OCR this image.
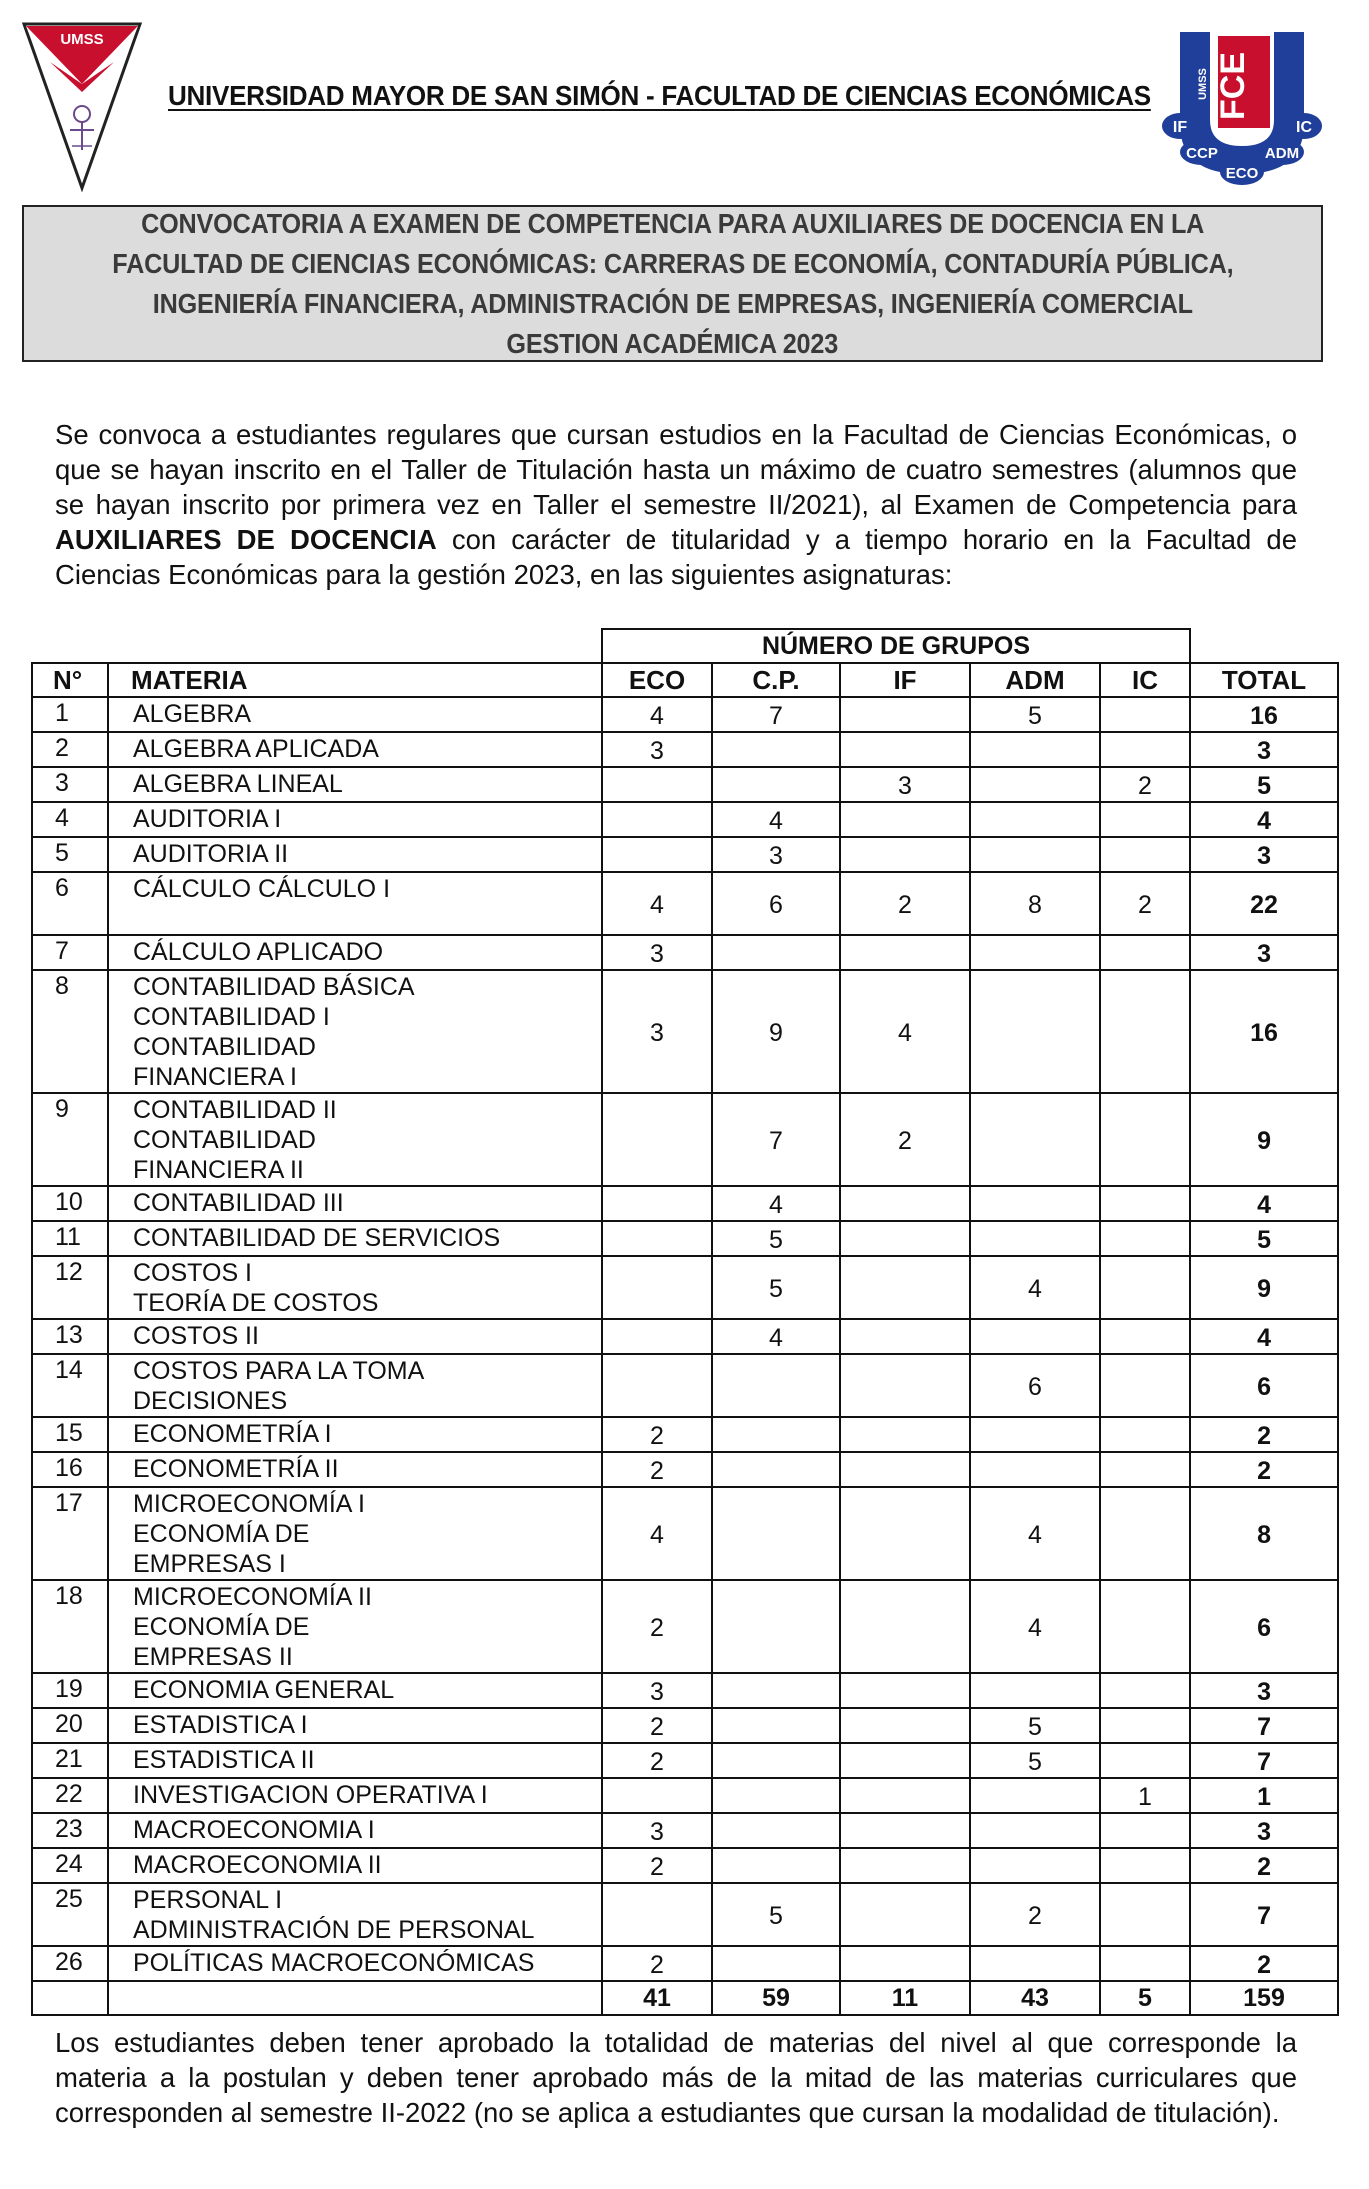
UMSS
UNIVERSIDAD MAYOR DE SAN SIMÓN - FACULTAD DE CIENCIAS ECONÓMICAS FCE
UMSS
IF	IC
CCP	ADM
ECO
CONVOCATORIA A EXAMEN DE COMPETENCIA PARA AUXILIARES DE DOCENCIA EN LA
FACULTAD DE CIENCIAS ECONÓMICAS: CARRERAS DE ECONOMÍA, CONTADURÍA PÚBLICA,
INGENIERÍA FINANCIERA, ADMINISTRACIÓN DE EMPRESAS, INGENIERÍA COMERCIAL
GESTION ACADÉMICA 2023
Se convoca a estudiantes regulares que cursan estudios en la Facultad de Ciencias Económicas, o que se hayan inscrito en el Taller de Titulación hasta un máximo de cuatro semestres (alumnos que se hayan inscrito por primera vez en Taller el semestre II/2021), al Examen de Competencia para AUXILIARES DE DOCENCIA con carácter de titularidad y a tiempo horario en la Facultad de Ciencias Económicas para la gestión 2023, en las siguientes asignaturas:
		NÚMERO DE GRUPOS					
N°	MATERIA	ECO	C.P.	IF	ADM	IC	TOTAL
1	ALGEBRA	4	7		5		16
2	ALGEBRA APLICADA	3					3
3	ALGEBRA LINEAL			3		2	5
4	AUDITORIA I		4				4
5	AUDITORIA II		3				3
6	CÁLCULO CÁLCULO I	4	6	2	8	2	22
7	CÁLCULO APLICADO	3					3
8	CONTABILIDAD BÁSICA
CONTABILIDAD I
CONTABILIDAD
FINANCIERA I	3	9	4			16
9	CONTABILIDAD II
CONTABILIDAD
FINANCIERA II		7	2			9
10	CONTABILIDAD III		4				4
11	CONTABILIDAD DE SERVICIOS		5				5
12	COSTOS I
TEORÍA DE COSTOS		5		4		9
13	COSTOS II		4				4
14	COSTOS PARA LA TOMA
DECISIONES				6		6
15	ECONOMETRÍA I	2					2
16	ECONOMETRÍA II	2					2
17	MICROECONOMÍA I
ECONOMÍA DE
EMPRESAS I	4			4		8
18	MICROECONOMÍA II
ECONOMÍA DE
EMPRESAS II	2			4		6
19	ECONOMIA GENERAL	3					3
20	ESTADISTICA I	2			5		7
21	ESTADISTICA II	2			5		7
22	INVESTIGACION OPERATIVA I					1	1
23	MACROECONOMIA I	3					3
24	MACROECONOMIA II	2					2
25	PERSONAL I
ADMINISTRACIÓN DE PERSONAL		5		2		7
26	POLÍTICAS MACROECONÓMICAS	2					2
		41	59	11	43	5	159
Los estudiantes deben tener aprobado la totalidad de materias del nivel al que corresponde la materia a la postulan y deben tener aprobado más de la mitad de las materias curriculares que corresponden al semestre II-2022 (no se aplica a estudiantes que cursan la modalidad de titulación).
